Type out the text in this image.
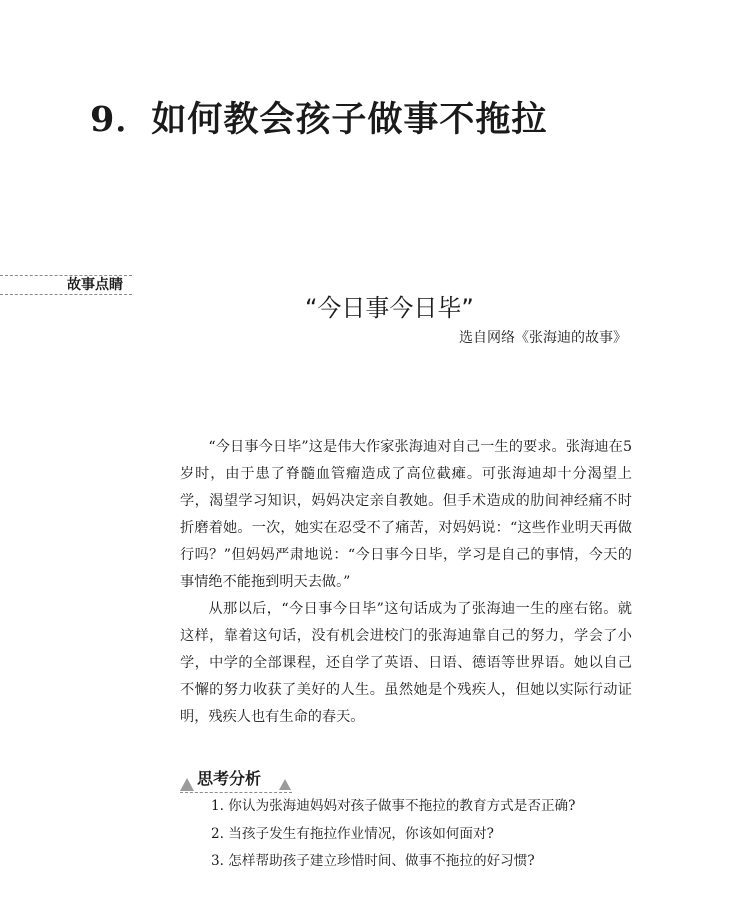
9．如何教会孩子做事不拖拉
故事点睛
“今日事今日毕”
选自网络《张海迪的故事》

“今日事今日毕”这是伟大作家张海迪对自己一生的要求。张海迪在5岁时，由于患了脊髓血管瘤造成了高位截瘫。可张海迪却十分渴望上学，渴望学习知识，妈妈决定亲自教她。但手术造成的肋间神经痛不时折磨着她。一次，她实在忍受不了痛苦，对妈妈说：“这些作业明天再做行吗？”但妈妈严肃地说：“今日事今日毕，学习是自己的事情，今天的事情绝不能拖到明天去做。”

从那以后，“今日事今日毕”这句话成为了张海迪一生的座右铭。就这样，靠着这句话，没有机会进校门的张海迪靠自己的努力，学会了小学，中学的全部课程，还自学了英语、日语、德语等世界语。她以自己不懈的努力收获了美好的人生。虽然她是个残疾人，但她以实际行动证明，残疾人也有生命的春天。

思考分析
1. 你认为张海迪妈妈对孩子做事不拖拉的教育方式是否正确?
2. 当孩子发生有拖拉作业情况，你该如何面对?
3. 怎样帮助孩子建立珍惜时间、做事不拖拉的好习惯?
